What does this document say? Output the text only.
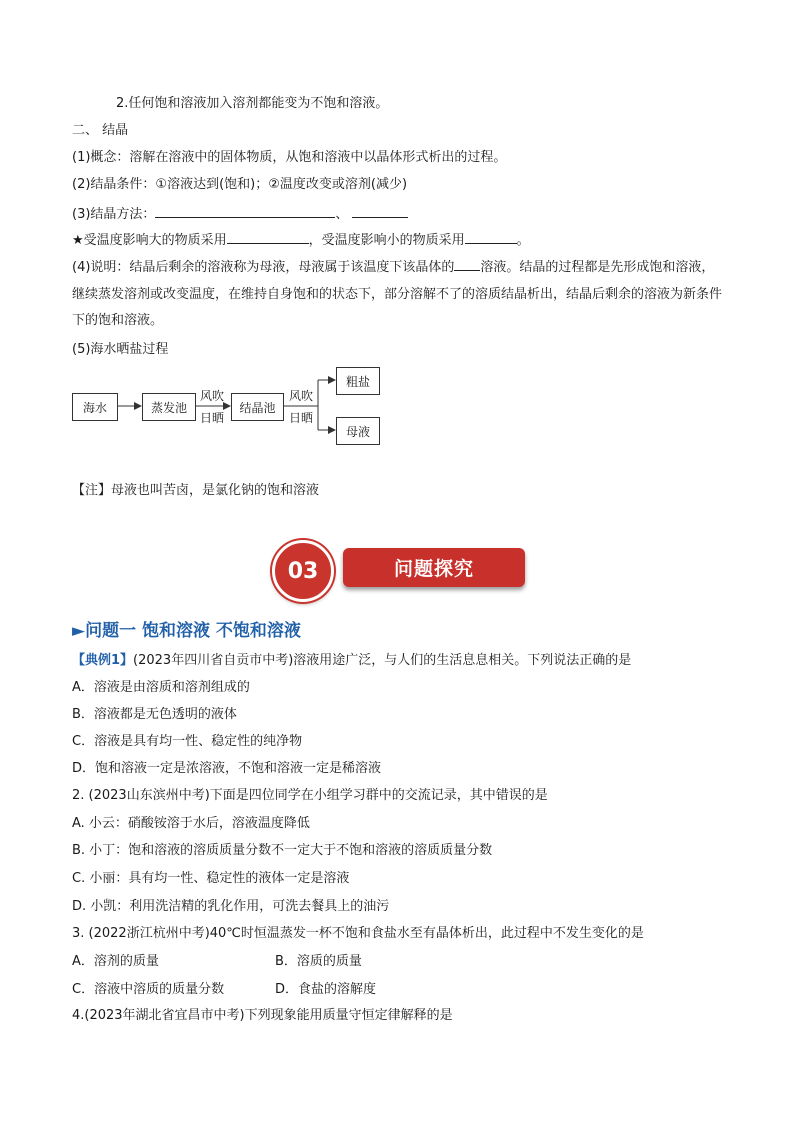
2.任何饱和溶液加入溶剂都能变为不饱和溶液。
二、 结晶
(1)概念：溶解在溶液中的固体物质，从饱和溶液中以晶体形式析出的过程。
(2)结晶条件：①溶液达到(饱和)；②温度改变或溶剂(减少)
(3)结晶方法：	、
★受温度影响大的物质采用	，受温度影响小的物质采用	。
(4)说明：结晶后剩余的溶液称为母液，母液属于该温度下该晶体的 溶液。结晶的过程都是先形成饱和溶液，继续蒸发溶剂或改变温度，在维持自身饱和的状态下，部分溶解不了的溶质结晶析出，结晶后剩余的溶液为新条件下的饱和溶液。
(5)海水晒盐过程
海水	蒸发池
风吹
日晒
结晶池
风吹
日晒
粗盐
母液
【注】母液也叫苦卤，是氯化钠的饱和溶液
03	问题探究
►问题一 饱和溶液 不饱和溶液
【典例1】(2023年四川省自贡市中考)溶液用途广泛，与人们的生活息息相关。下列说法正确的是
A．溶液是由溶质和溶剂组成的
B．溶液都是无色透明的液体
C．溶液是具有均一性、稳定性的纯净物
D．饱和溶液一定是浓溶液，不饱和溶液一定是稀溶液
2. (2023山东滨州中考)下面是四位同学在小组学习群中的交流记录，其中错误的是
A. 小云：硝酸铵溶于水后，溶液温度降低
B. 小丁：饱和溶液的溶质质量分数不一定大于不饱和溶液的溶质质量分数
C. 小丽：具有均一性、稳定性的液体一定是溶液
D. 小凯：利用洗洁精的乳化作用，可洗去餐具上的油污
3. (2022浙江杭州中考)40℃时恒温蒸发一杯不饱和食盐水至有晶体析出，此过程中不发生变化的是
A．溶剂的质量	B．溶质的质量
C．溶液中溶质的质量分数	D．食盐的溶解度
4.(2023年湖北省宜昌市中考)下列现象能用质量守恒定律解释的是
